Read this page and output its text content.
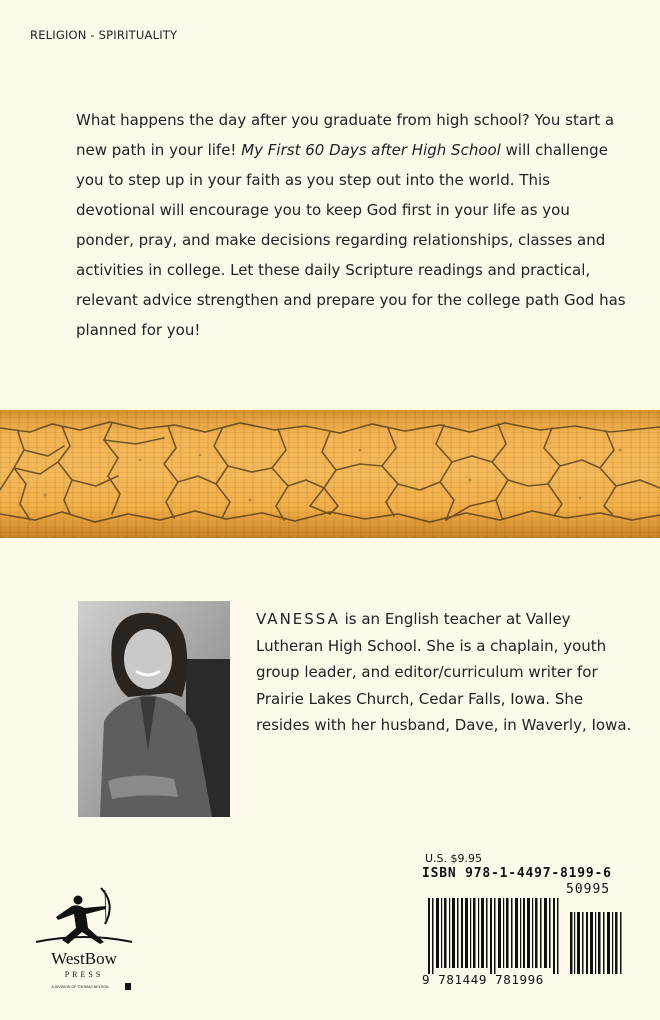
RELIGION - SPIRITUALITY

What happens the day after you graduate from high school? You start a new path in your life! My First 60 Days after High School will challenge you to step up in your faith as you step out into the world. This devotional will encourage you to keep God first in your life as you ponder, pray, and make decisions regarding relationships, classes and activities in college. Let these daily Scripture readings and practical, relevant advice strengthen and prepare you for the college path God has planned for you!

VANESSA is an English teacher at Valley Lutheran High School. She is a chaplain, youth group leader, and editor/curriculum writer for Prairie Lakes Church, Cedar Falls, Iowa. She resides with her husband, Dave, in Waverly, Iowa.

WestBow
PRESS
A DIVISION OF THOMAS NELSON
U.S. $9.95
ISBN 978-1-4497-8199-6
50995
9 781449 781996
